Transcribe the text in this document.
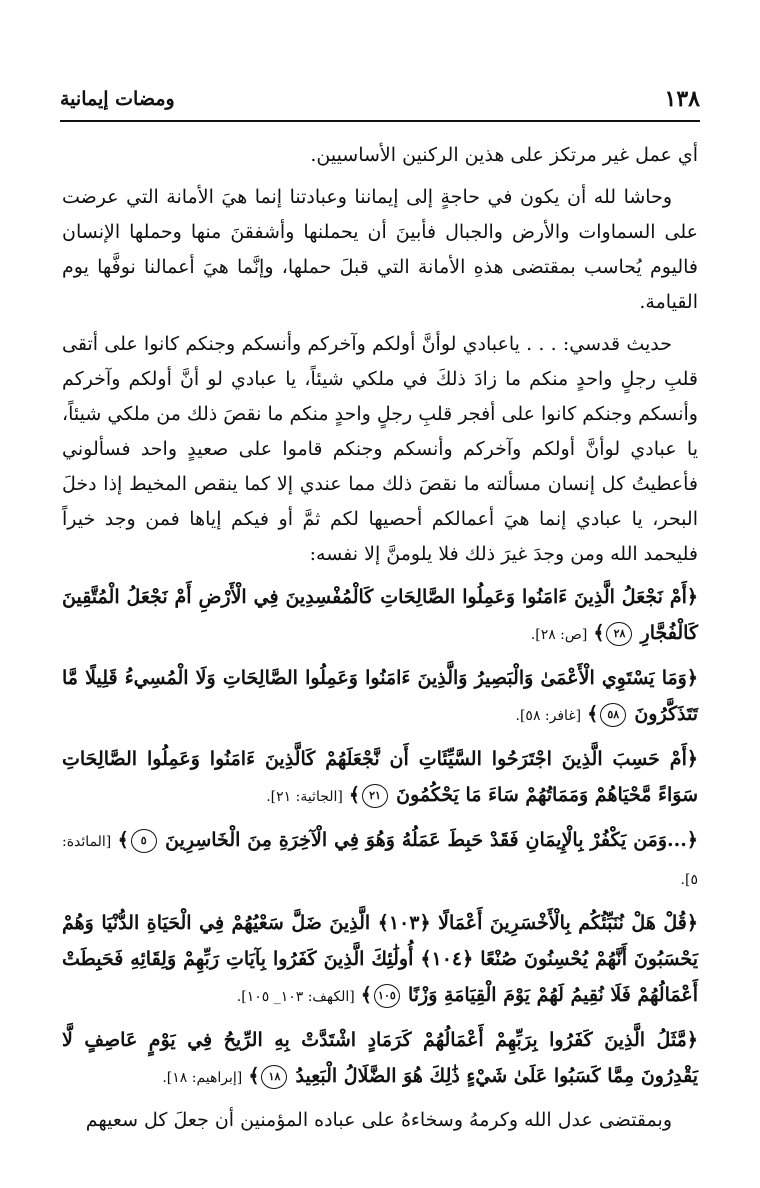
١٣٨
ومضات إيمانية

أي عمل غير مرتكز على هذين الركنين الأساسيين.

وحاشا لله أن يكون في حاجةٍ إلى إيماننا وعبادتنا إنما هيَ الأمانة التي عرضت على السماوات والأرض والجبال فأبينَ أن يحملنها وأشفقنَ منها وحملها الإنسان فاليوم يُحاسب بمقتضى هذهِ الأمانة التي قبلَ حملها، وإنَّما هيَ أعمالنا نوفَّها يوم القيامة.

حديث قدسي: . . . ياعبادي لوأنَّ أولكم وآخركم وأنسكم وجنكم كانوا على أتقى قلبِ رجلٍ واحدٍ منكم ما زادَ ذلكَ في ملكي شيئاً، يا عبادي لو أنَّ أولكم وآخركم وأنسكم وجنكم كانوا على أفجر قلبِ رجلٍ واحدٍ منكم ما نقصَ ذلك من ملكي شيئاً، يا عبادي لوأنَّ أولكم وآخركم وأنسكم وجنكم قاموا على صعيدٍ واحد فسألوني فأعطيتُ كل إنسان مسألته ما نقصَ ذلك مما عندي إلا كما ينقص المخيط إذا دخلَ البحر، يا عبادي إنما هيَ أعمالكم أحصيها لكم ثمَّ أو فيكم إياها فمن وجد خيراً فليحمد الله ومن وجدَ غيرَ ذلك فلا يلومنَّ إلا نفسه:

﴿أَمْ نَجْعَلُ الَّذِينَ ءَامَنُوا وَعَمِلُوا الصَّالِحَاتِ كَالْمُفْسِدِينَ فِي الْأَرْضِ أَمْ نَجْعَلُ الْمُتَّقِينَ كَالْفُجَّارِ ٢٨﴾ [ص: ٢٨].
﴿وَمَا يَسْتَوِي الْأَعْمَىٰ وَالْبَصِيرُ وَالَّذِينَ ءَامَنُوا وَعَمِلُوا الصَّالِحَاتِ وَلَا الْمُسِيءُ قَلِيلًا مَّا تَتَذَكَّرُونَ ٥٨﴾ [غافر: ٥٨].
﴿أَمْ حَسِبَ الَّذِينَ اجْتَرَحُوا السَّيِّئَاتِ أَن نَّجْعَلَهُمْ كَالَّذِينَ ءَامَنُوا وَعَمِلُوا الصَّالِحَاتِ سَوَاءً مَّحْيَاهُمْ وَمَمَاتُهُمْ سَاءَ مَا يَحْكُمُونَ ٢١﴾ [الجاثية: ٢١].
﴿...وَمَن يَكْفُرْ بِالْإِيمَانِ فَقَدْ حَبِطَ عَمَلُهُ وَهُوَ فِي الْآخِرَةِ مِنَ الْخَاسِرِينَ ٥﴾ [المائدة: ٥].
﴿قُلْ هَلْ نُنَبِّئُكُم بِالْأَخْسَرِينَ أَعْمَالًا ﴿١٠٣﴾ الَّذِينَ ضَلَّ سَعْيُهُمْ فِي الْحَيَاةِ الدُّنْيَا وَهُمْ يَحْسَبُونَ أَنَّهُمْ يُحْسِنُونَ صُنْعًا ﴿١٠٤﴾ أُولَٰئِكَ الَّذِينَ كَفَرُوا بِآيَاتِ رَبِّهِمْ وَلِقَائِهِ فَحَبِطَتْ أَعْمَالُهُمْ فَلَا نُقِيمُ لَهُمْ يَوْمَ الْقِيَامَةِ وَزْنًا ١٠٥﴾ [الكهف: ١٠٣_ ١٠٥].
﴿مَّثَلُ الَّذِينَ كَفَرُوا بِرَبِّهِمْ أَعْمَالُهُمْ كَرَمَادٍ اشْتَدَّتْ بِهِ الرِّيحُ فِي يَوْمٍ عَاصِفٍ لَّا يَقْدِرُونَ مِمَّا كَسَبُوا عَلَىٰ شَيْءٍ ذَٰلِكَ هُوَ الضَّلَالُ الْبَعِيدُ ١٨﴾ [إبراهيم: ١٨].

وبمقتضى عدل الله وكرمهُ وسخاءهُ على عباده المؤمنين أن جعلَ كل سعيهم
